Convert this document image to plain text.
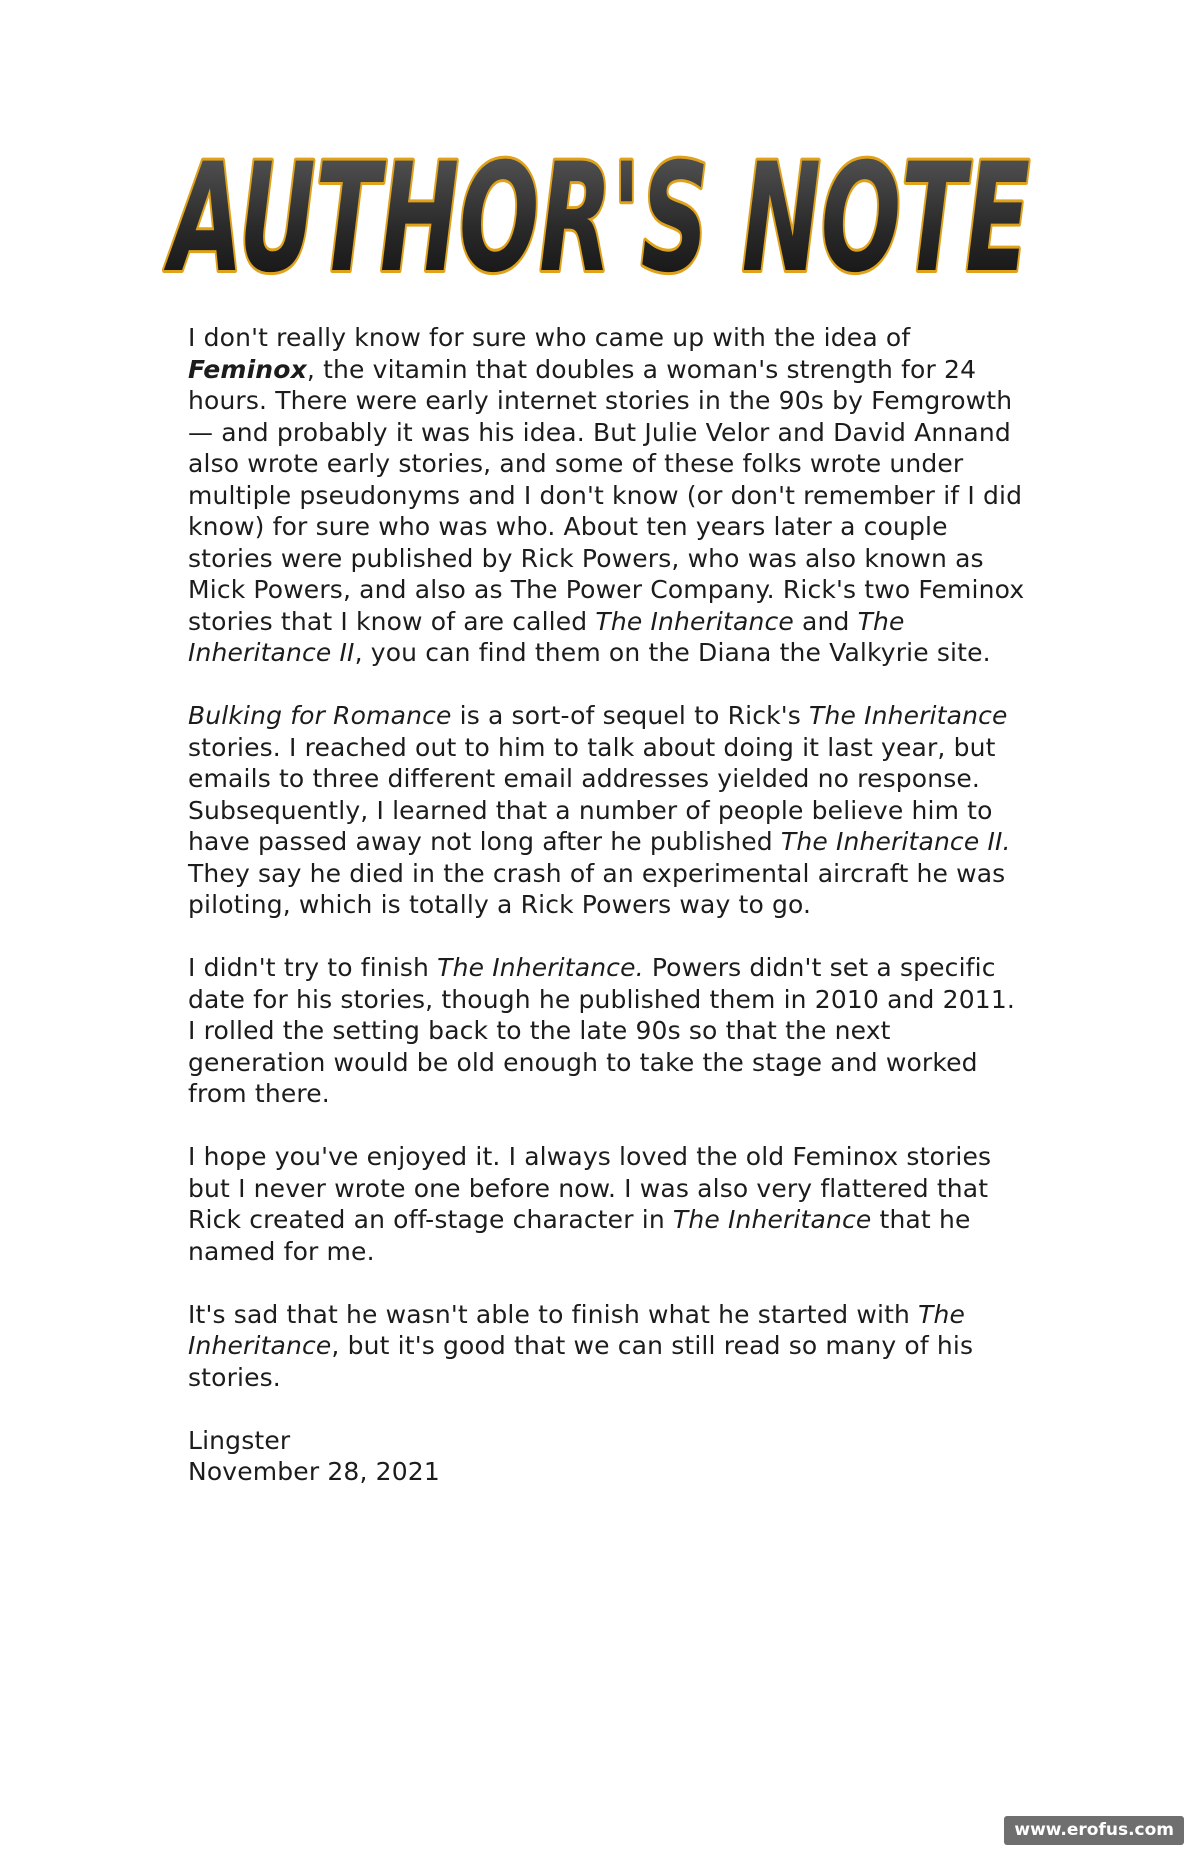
AUTHOR'S NOTE

I don't really know for sure who came up with the idea of Feminox, the vitamin that doubles a woman's strength for 24 hours. There were early internet stories in the 90s by Femgrowth — and probably it was his idea. But Julie Velor and David Annand also wrote early stories, and some of these folks wrote under multiple pseudonyms and I don't know (or don't remember if I did know) for sure who was who. About ten years later a couple stories were published by Rick Powers, who was also known as Mick Powers, and also as The Power Company. Rick's two Feminox stories that I know of are called The Inheritance and The Inheritance II, you can find them on the Diana the Valkyrie site.

Bulking for Romance is a sort-of sequel to Rick's The Inheritance stories. I reached out to him to talk about doing it last year, but emails to three different email addresses yielded no response. Subsequently, I learned that a number of people believe him to have passed away not long after he published The Inheritance II. They say he died in the crash of an experimental aircraft he was piloting, which is totally a Rick Powers way to go.

I didn't try to finish The Inheritance. Powers didn't set a specific date for his stories, though he published them in 2010 and 2011. I rolled the setting back to the late 90s so that the next generation would be old enough to take the stage and worked from there.

I hope you've enjoyed it. I always loved the old Feminox stories but I never wrote one before now. I was also very flattered that Rick created an off-stage character in The Inheritance that he named for me.

It's sad that he wasn't able to finish what he started with The Inheritance, but it's good that we can still read so many of his stories.

Lingster
November 28, 2021

www.erofus.com
